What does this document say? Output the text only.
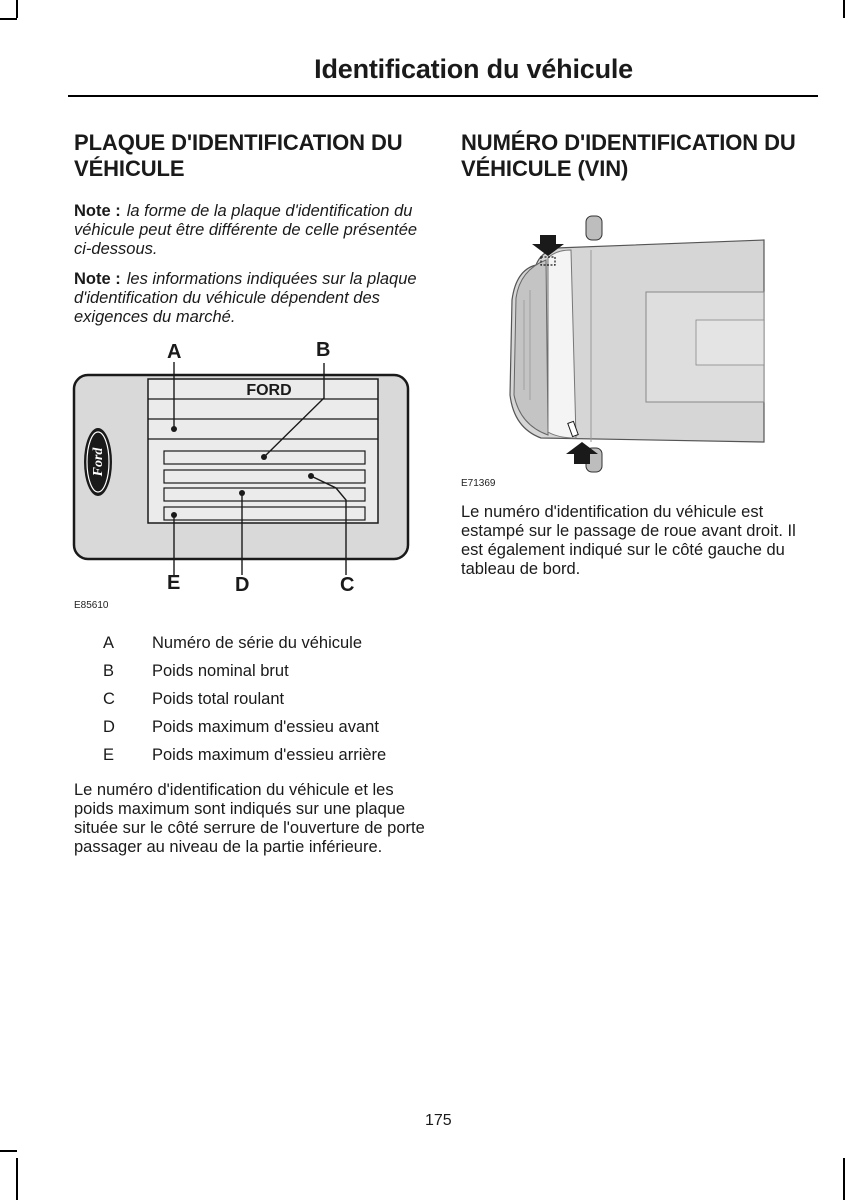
Identification du véhicule
PLAQUE D'IDENTIFICATION DU VÉHICULE

Note : la forme de la plaque d'identification du véhicule peut être différente de celle présentée ci-dessous.

Note : les informations indiquées sur la plaque d'identification du véhicule dépendent des exigences du marché.

Ford
FORD
A	B
E	D	C
E85610
A	Numéro de série du véhicule
B	Poids nominal brut
C	Poids total roulant
D	Poids maximum d'essieu avant
E	Poids maximum d'essieu arrière

Le numéro d'identification du véhicule et les poids maximum sont indiqués sur une plaque située sur le côté serrure de l'ouverture de porte passager au niveau de la partie inférieure.

NUMÉRO D'IDENTIFICATION DU VÉHICULE (VIN)
E71369

Le numéro d'identification du véhicule est estampé sur le passage de roue avant droit. Il est également indiqué sur le côté gauche du tableau de bord.

175
